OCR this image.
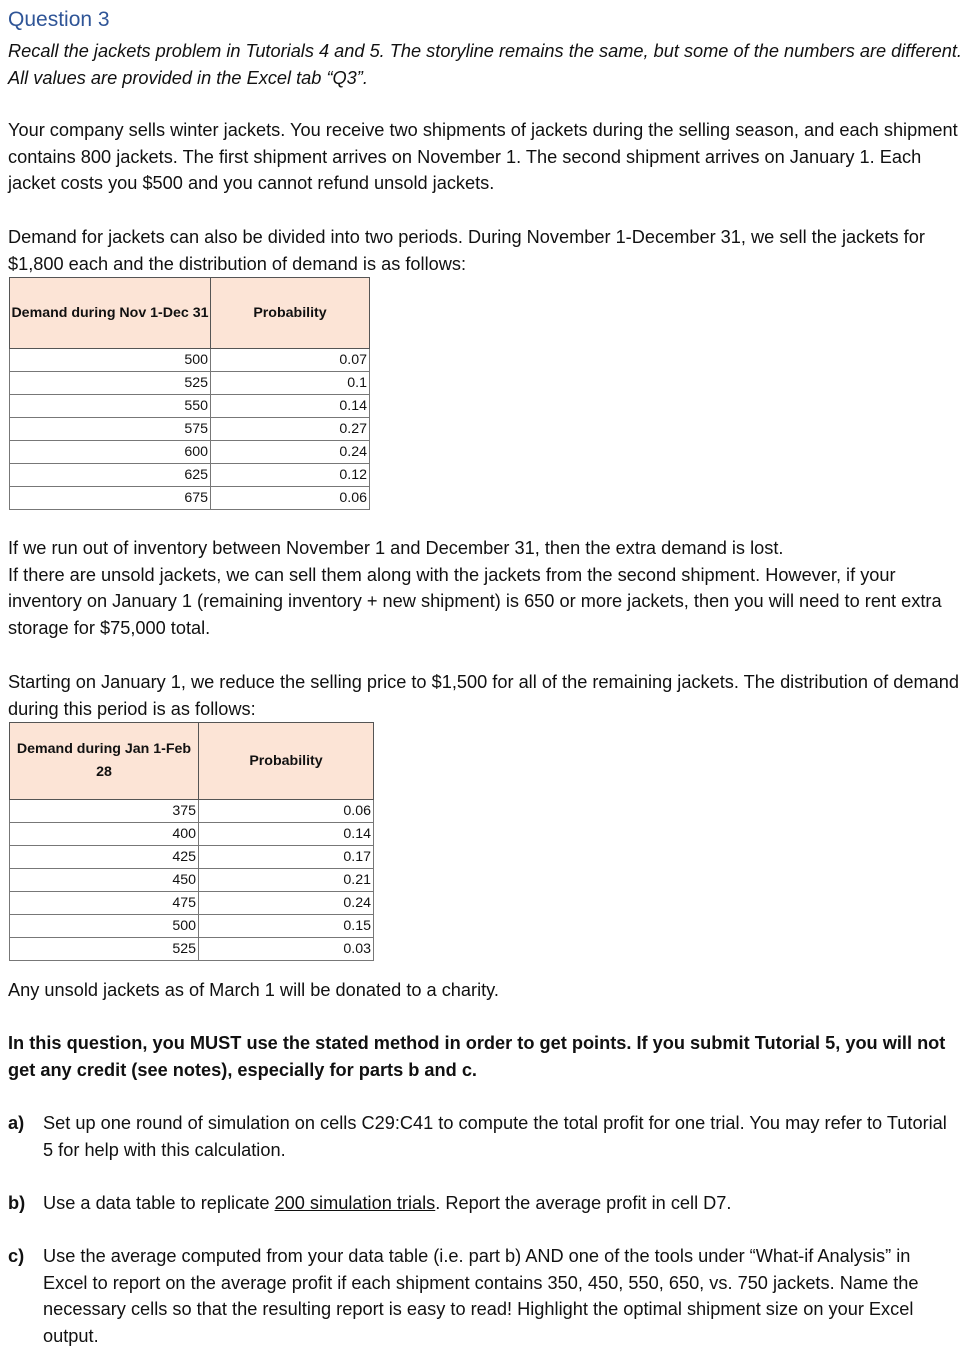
Question 3

Recall the jackets problem in Tutorials 4 and 5. The storyline remains the same, but some of the numbers are different. All values are provided in the Excel tab “Q3”.

Your company sells winter jackets. You receive two shipments of jackets during the selling season, and each shipment contains 800 jackets. The first shipment arrives on November 1. The second shipment arrives on January 1. Each jacket costs you $500 and you cannot refund unsold jackets.

Demand for jackets can also be divided into two periods. During November 1-December 31, we sell the jackets for $1,800 each and the distribution of demand is as follows:

Demand during Nov 1-Dec 31	Probability
500	0.07
525	0.1
550	0.14
575	0.27
600	0.24
625	0.12
675	0.06
If we run out of inventory between November 1 and December 31, then the extra demand is lost.
If there are unsold jackets, we can sell them along with the jackets from the second shipment. However, if your inventory on January 1 (remaining inventory + new shipment) is 650 or more jackets, then you will need to rent extra storage for $75,000 total.

Starting on January 1, we reduce the selling price to $1,500 for all of the remaining jackets. The distribution of demand during this period is as follows:

Demand during Jan 1-Feb 28	Probability
375	0.06
400	0.14
425	0.17
450	0.21
475	0.24
500	0.15
525	0.03

Any unsold jackets as of March 1 will be donated to a charity.

In this question, you MUST use the stated method in order to get points. If you submit Tutorial 5, you will not get any credit (see notes), especially for parts b and c.

a) Set up one round of simulation on cells C29:C41 to compute the total profit for one trial. You may refer to Tutorial 5 for help with this calculation.
b) Use a data table to replicate 200 simulation trials. Report the average profit in cell D7.
c) Use the average computed from your data table (i.e. part b) AND one of the tools under “What-if Analysis” in Excel to report on the average profit if each shipment contains 350, 450, 550, 650, vs. 750 jackets. Name the necessary cells so that the resulting report is easy to read! Highlight the optimal shipment size on your Excel output.
